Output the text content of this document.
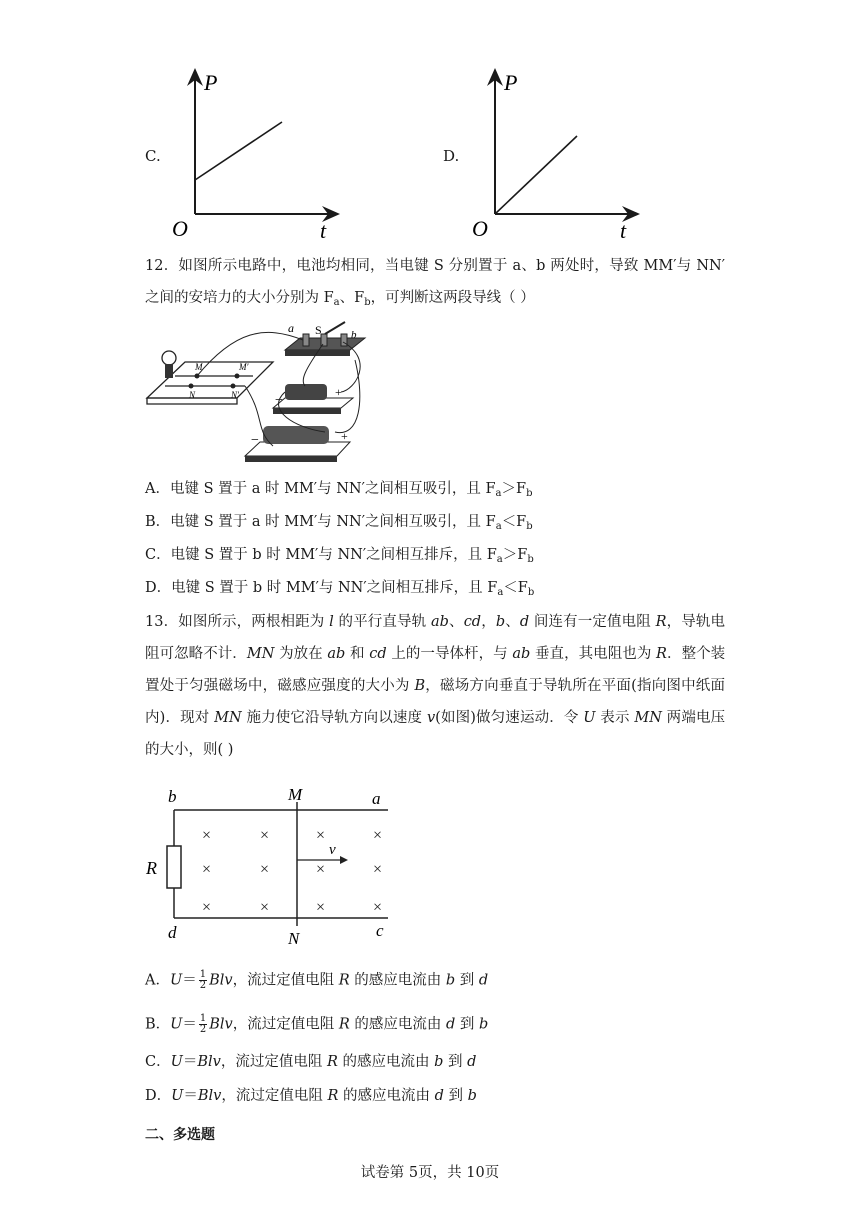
C.
P
t
O
D.
P
t
O
12．如图所示电路中，电池均相同，当电键 S 分别置于 a、b 两处时，导致 MM′与 NN′之间的安培力的大小分别为 $F_a$、$F_b$，可判断这两段导线（ ）
M	M′
N	N′
a S	b
−
+
−	+
A．电键 S 置于 a 时 MM′与 NN′之间相互吸引，且 $F_a>F_b$
B．电键 S 置于 a 时 MM′与 NN′之间相互吸引，且 $F_a<F_b$
C．电键 S 置于 b 时 MM′与 NN′之间相互排斥，且 $F_a>F_b$
D．电键 S 置于 b 时 MM′与 NN′之间相互排斥，且 $F_a<F_b$
13．如图所示，两根相距为 l 的平行直导轨 ab、cd，b、d 间连有一定值电阻 R，导轨电阻可忽略不计．MN 为放在 ab 和 cd 上的一导体杆，与 ab 垂直，其电阻也为 R．整个装置处于匀强磁场中，磁感应强度的大小为 B，磁场方向垂直于导轨所在平面(指向图中纸面内)．现对 MN 施力使它沿导轨方向以速度 v(如图)做匀速运动．令 U 表示 MN 两端电压的大小，则( )
×	×	×	×
×	×	×	×
×	×	×	×
b	M	a
R
v
d	N	c
A．$U= \frac{1}{2}$ Blv，流过定值电阻 R 的感应电流由 b 到 d
B．$U= \frac{1}{2}$ Blv，流过定值电阻 R 的感应电流由 d 到 b
C．U＝Blv，流过定值电阻 R 的感应电流由 b 到 d
D．U＝Blv，流过定值电阻 R 的感应电流由 d 到 b
二、多选题
试卷第 5页，共 10页
